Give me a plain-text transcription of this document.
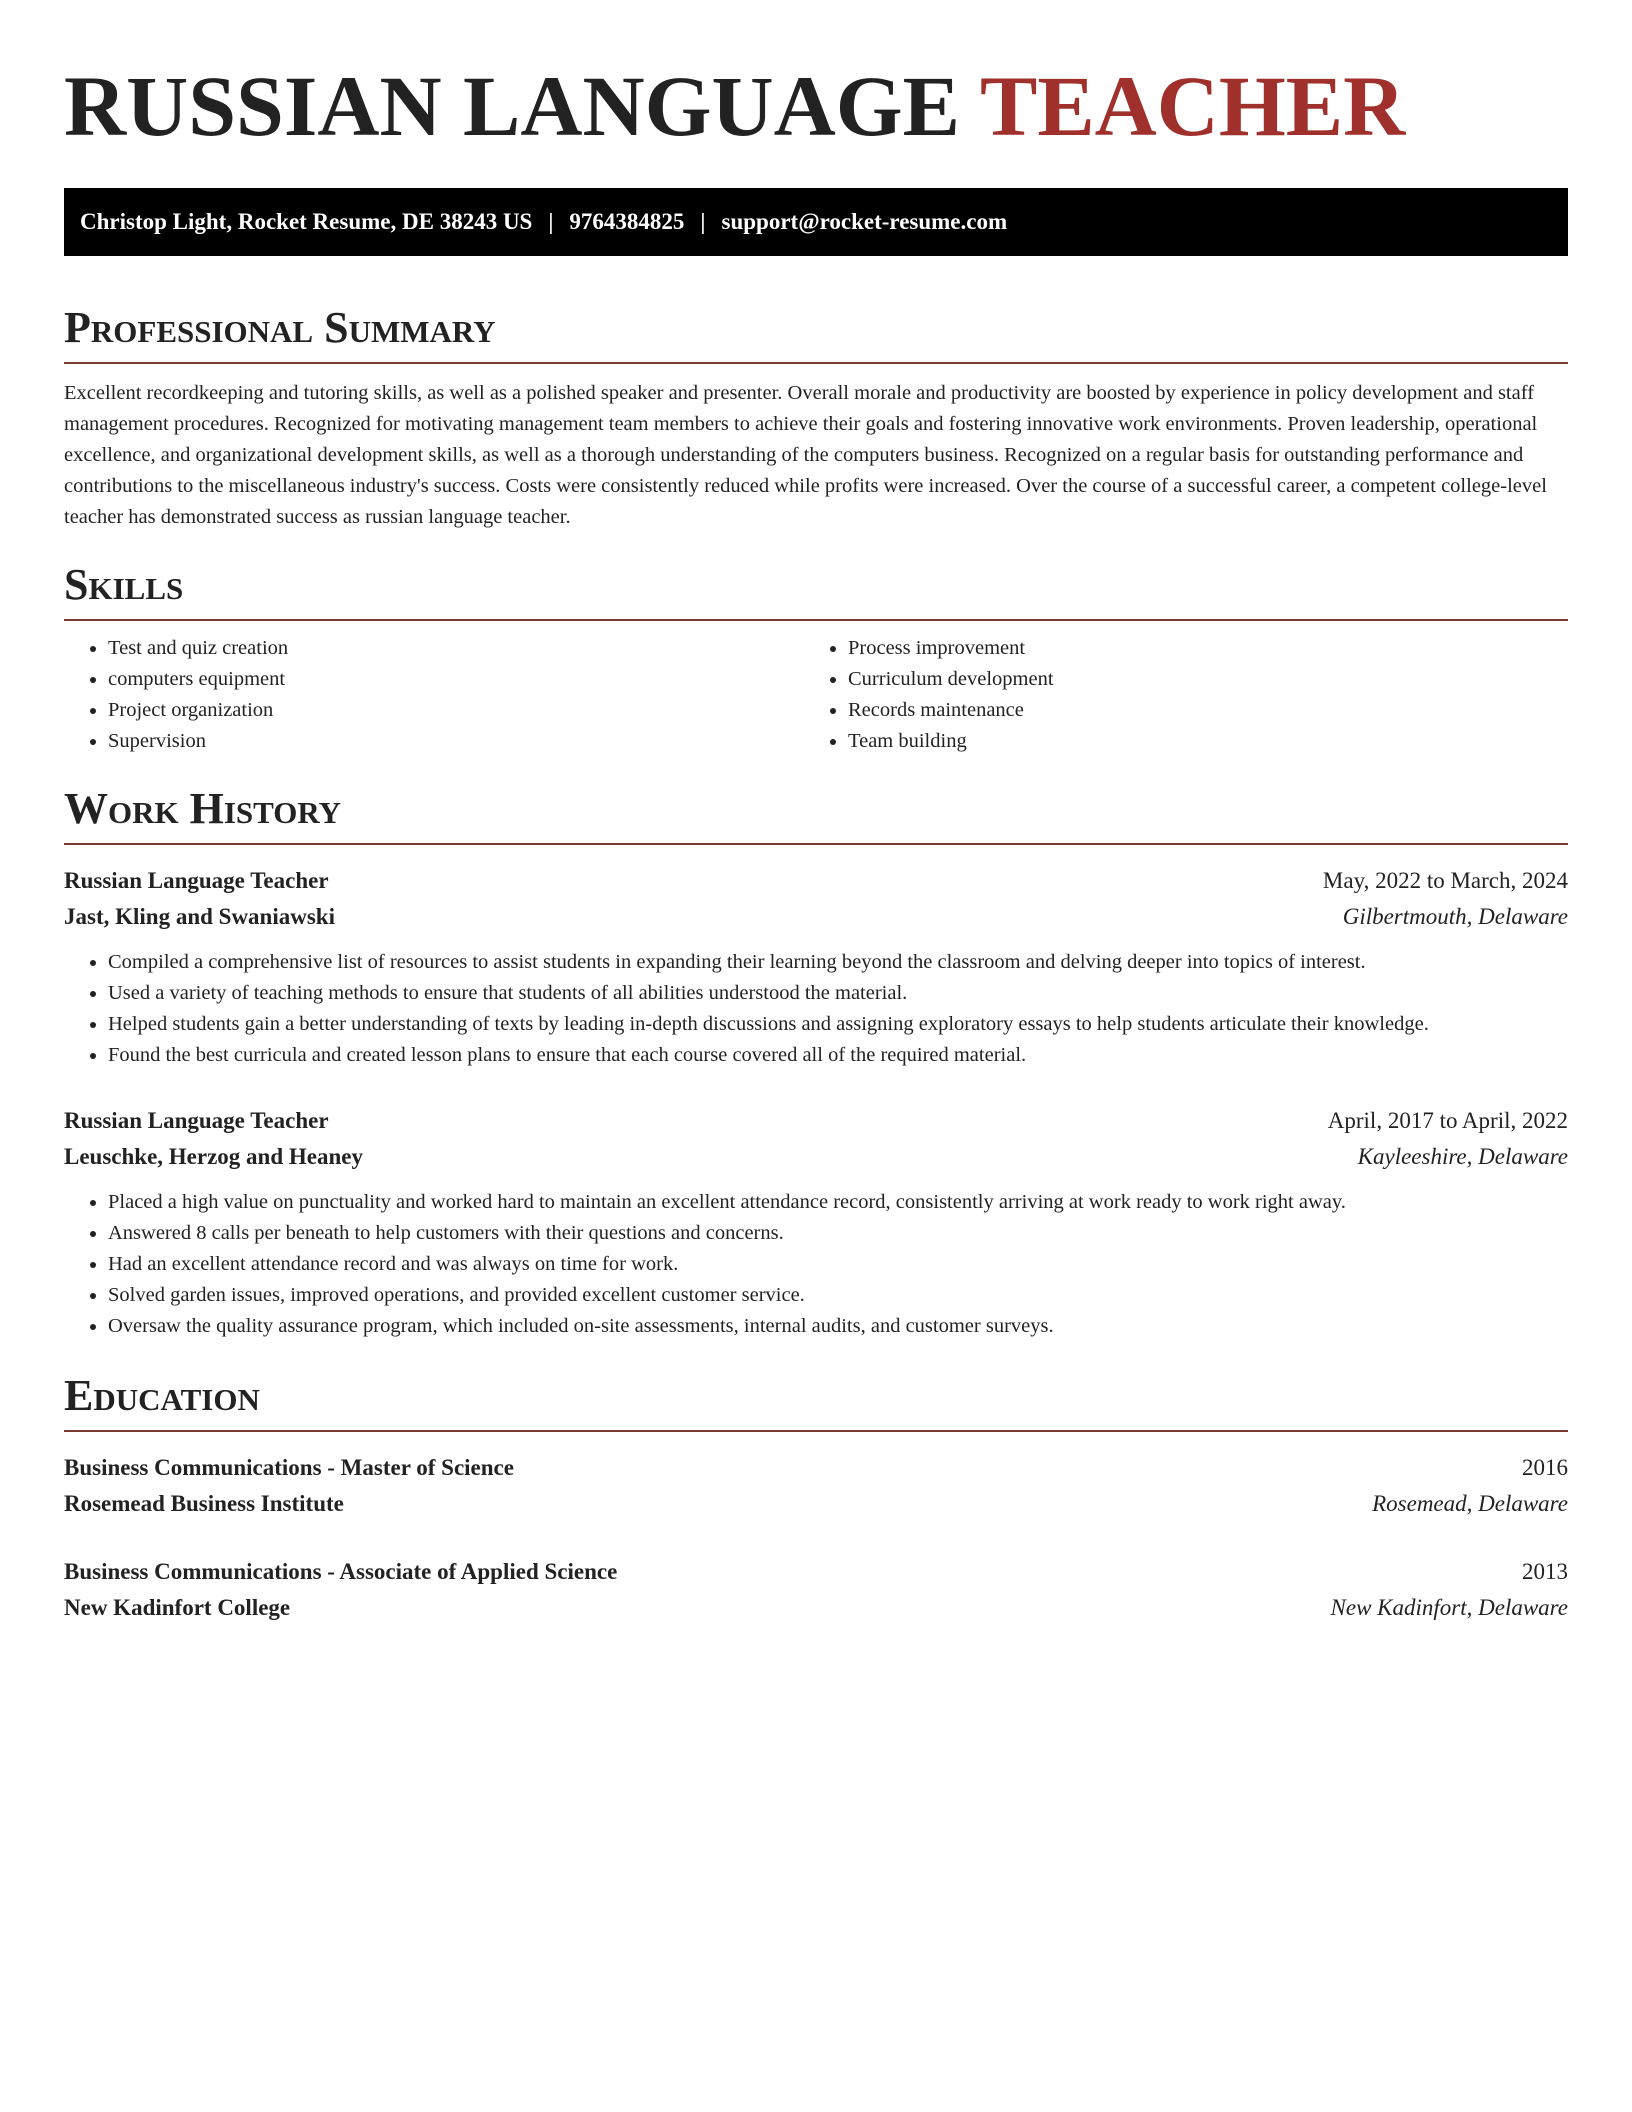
RUSSIAN LANGUAGE TEACHER
Christop Light, Rocket Resume, DE 38243 US | 9764384825 | support@rocket-resume.com
Professional Summary

Excellent recordkeeping and tutoring skills, as well as a polished speaker and presenter. Overall morale and productivity are boosted by experience in policy development and staff management procedures. Recognized for motivating management team members to achieve their goals and fostering innovative work environments. Proven leadership, operational excellence, and organizational development skills, as well as a thorough understanding of the computers business. Recognized on a regular basis for outstanding performance and contributions to the miscellaneous industry's success. Costs were consistently reduced while profits were increased. Over the course of a successful career, a competent college-level teacher has demonstrated success as russian language teacher.

Skills
• Test and quiz creation
• computers equipment
• Project organization
• Supervision
• Process improvement
• Curriculum development
• Records maintenance
• Team building
Work History
Russian Language Teacher	May, 2022 to March, 2024
Jast, Kling and Swaniawski	Gilbertmouth, Delaware
• Compiled a comprehensive list of resources to assist students in expanding their learning beyond the classroom and delving deeper into topics of interest.
• Used a variety of teaching methods to ensure that students of all abilities understood the material.
• Helped students gain a better understanding of texts by leading in-depth discussions and assigning exploratory essays to help students articulate their knowledge.
• Found the best curricula and created lesson plans to ensure that each course covered all of the required material.
Russian Language Teacher	April, 2017 to April, 2022
Leuschke, Herzog and Heaney	Kayleeshire, Delaware
• Placed a high value on punctuality and worked hard to maintain an excellent attendance record, consistently arriving at work ready to work right away.
• Answered 8 calls per beneath to help customers with their questions and concerns.
• Had an excellent attendance record and was always on time for work.
• Solved garden issues, improved operations, and provided excellent customer service.
• Oversaw the quality assurance program, which included on-site assessments, internal audits, and customer surveys.
Education
Business Communications - Master of Science	2016
Rosemead Business Institute	Rosemead, Delaware
Business Communications - Associate of Applied Science	2013
New Kadinfort College	New Kadinfort, Delaware
